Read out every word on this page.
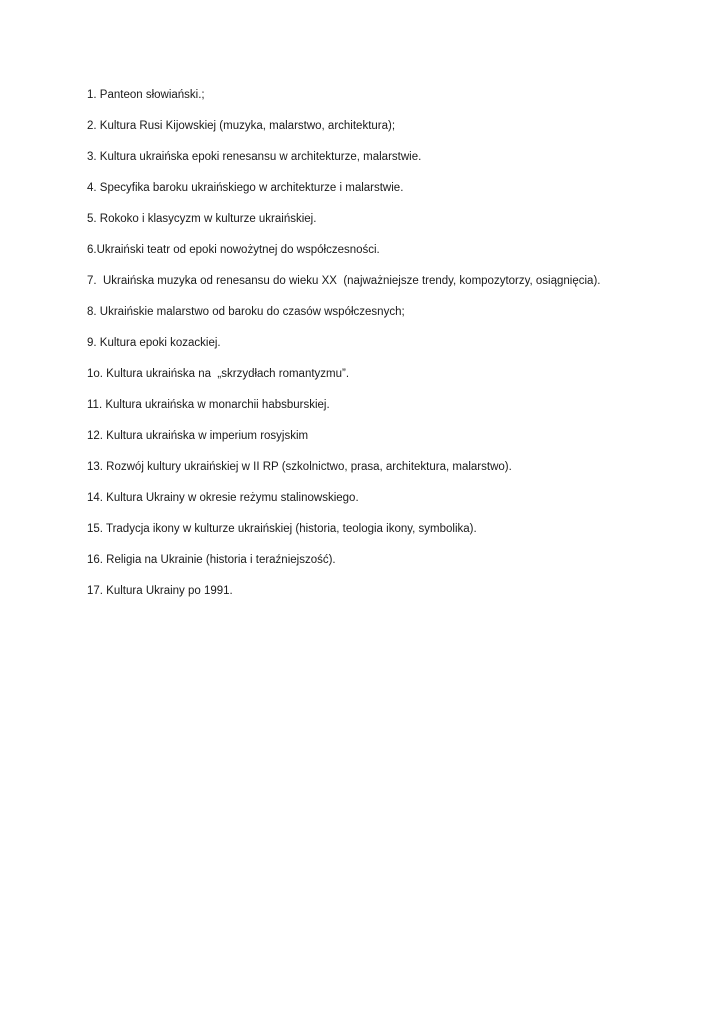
1. Panteon słowiański.;
2. Kultura Rusi Kijowskiej (muzyka, malarstwo, architektura);
3. Kultura ukraińska epoki renesansu w architekturze, malarstwie.
4. Specyfika baroku ukraińskiego w architekturze i malarstwie.
5. Rokoko i klasycyzm w kulturze ukraińskiej.
6.Ukraiński teatr od epoki nowożytnej do współczesności.
7.  Ukraińska muzyka od renesansu do wieku XX  (najważniejsze trendy, kompozytorzy, osiągnięcia).
8. Ukraińskie malarstwo od baroku do czasów współczesnych;
9. Kultura epoki kozackiej.
1o. Kultura ukraińska na  „skrzydłach romantyzmu”.
11. Kultura ukraińska w monarchii habsburskiej.
12. Kultura ukraińska w imperium rosyjskim
13. Rozwój kultury ukraińskiej w II RP (szkolnictwo, prasa, architektura, malarstwo).
14. Kultura Ukrainy w okresie reżymu stalinowskiego.
15. Tradycja ikony w kulturze ukraińskiej (historia, teologia ikony, symbolika).
16. Religia na Ukrainie (historia i teraźniejszość).
17. Kultura Ukrainy po 1991.
